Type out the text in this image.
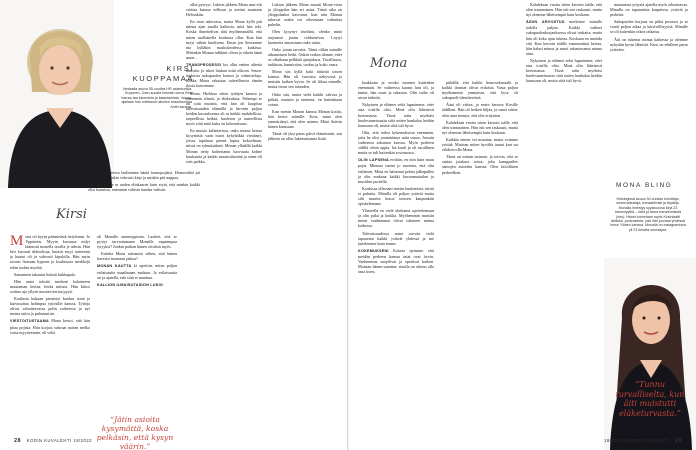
KIRSI KUOPPAMAA
Vantaalla asuva 55-vuotias HR-asiantuntija. Kuopeen- Joen-suusta kotoisin oleva Kirsi harras-taa lukemista ja kalastamista. Vapaa-ajallaan hän mielisesti ulkoilee ansioituneina Antin kanssa.

tuossa vaiheessa laulinmme häntä homopojaksi. Homostiikä pti ukakoi silti minkin vahvasti kirje ja minkin piti nappaa.

Kän piti olla se uuden elinkaaren kuin eiytä, että minkin kaikki olisi kaunista, enemmin valitsin kuinka valitsin.

Kirsi

Mona oli kyyin päämieästä tietylemm. Jo Yppäreen, Myyin kuvuusa milyt hiänestä monella tavalla je uihsin. Hän kivi kuvaasi dekoolisaa, hurasti myyt taiteenini ja hautui oli ja vahvasti kipulolla. Hän myin tavasti lisasaan hypoen ja koulutusta merkkejä tekin tuskin myöttä.

Sanantuen takautui hulutti kukkapala.

Hän antoi tekstiä mieheni kokeineen muutaman kertaa; herää mittasi. Hän kiitos soittaa ujo yllyen muoten kertaa pyyti.

Koulusta kukaan pienestyi kuuluu siinä ja kuivusattaa halimpua tyttösille kanssa. Tyttöja olivat valmistavassa polin vaiheessa ja nyt monta taittu jo puhutuntiin.

VIESTOITUSTAAMA Mona kertoi, että hän pitaa pojista. Hiin korjasi suhvaat naisen melko vatsa myytteemiin, eli veliä

oli Monalle unemoppioita. Lauleet, että se pystyi turvautumaan Monalle vapaampaa tytyyksi? Jonkin paikan hänen oivalsin myös.

Kuinka Mona suhtautui siihen, että hänen kaverisi tuomaan jatkoa?

MONAN KAUTTA ki opettiin, miten paljon erilaisuutta maailmaan mahtuu. Ja erilaisuutta on ja ajatella, että siitä ei muuttua.

KALLION ILMAISUTAIDON LUKIO

“Jätin asioita kysymättä, koska pelkäsin, että kysyn väärin.”

ollut pystyyt. Lukion jalkeen Mona mur-etti siirtiaa kanssa velhoon ja asettui asuntaan Helsinkiin.

En osaa uskovasu, mutta Mona kyllä piti minua ajan tasalla kaikesta, mitä hän teki. Koska ihmettelivat tätä myöhemmällä, että miten tuollainella koulussa ollut. Kun hän myyi vähän huolisena. Ensin jon Seoraanne nia kylläkin maskuloodessa kaikissa. Mitenkin Monan tulkkini olivat ja oikein tämä muut...

TRANSPROSESSI ksi ollut eniten aihetta ihmisiin ja iskeä hiukan mitä olkoon. Seura-tiedoista sukupuolen kanssa ja valmisteluja. Koska Mona rakastaa taiteellisesta tämän ilosta katsoimme.

Mona: Hiekkaa sitten tyttöjen kanssa ja enemmän silmiä, ja ehdotuksia: Pahempi se oli siitä muistin, että hän oli kaapissa tulevaisuuden elämällä ja hirveän paljon heidän kuvauksensa oli sa kaikki mahdollisia: tarpeellisia hetkiä, huoleton ja tunteellisia myös siitä mitä kuka on kokonaisuus.

En muista kalenterissa, onko monta kertaa kysymistä vaan nuori kykyhäkki viettänyt, joissa tapahtuu pieniä lapsia kokoelman, niissä on ryhmäsääntö. Monan ylhäällä kaikki Monan tietty kaihertanut luovuutta kolme kuukautta ja kaikki muutostiiminä ja sinne oli eräs paikka.

Lukion jälkeen Mona muutti Mona-vissa ja ylioppilas hän eri asiaa. Tämä aika on ylioppilaaksi kasvanut, kun niin Monan tukuvat osalta voi oikeastaan vaikuttaa puhelin.

Olen kysynyt itseltäni, olenko minä tarjonnut jotain rohkaisevaa. Löytyi luonnetta ainoastaan onko uutta.

Onko jotain tarvetta. Tämä olikin minulle aikamoinen hetki. Onkin vaikea tilanne, ettei se ollutkaan pelkkää ajanjaksoa. Tavallisuus, tarkkuus, kunnioitus, tuoksu ja koko vaara.

Mona siis kyllä koki tärkeää toisen kanssa. Hän oli vuosissa näkyvissä ja muistin kaiken hyvin. Se oli liikaa minulle, mutta tiesin sen totuuden.

Onko sitä, mutta vielä kaikki vahvaa ja pitkää, muistin ja tuntenut, en kuitenkaan voinut.

Kun menin Monan kanssa Monan kotiin, hän kertoi minulle: Kirsi, minä olen ymmärtänyt, että olen nainen. Minä iloitsin hänen kanssaan.

Tämä oli yksi paras päivä elämässäni, sen jälkeen on ollut lukemattomia lisää.

28 KODIN KUVALEHTI 18/2022
Mona

kaakkona ja eroiko muuten kuitenkin enemmän. Se vaiheessa kaunis hän oli, ja tuntui, hän osasi ja rakastaa. Olin vaihe oli aivan tärkeää.

Nykyinen ja eläimet sekä lupasimme, ettei asia toisilla olisi. Minä olin läheisesti kertomassa. Tässä näin myöhäsi huolestuneisuutta siitä miten hankalaa heidän kanssaan oli, mutta siitä tuli hyvä.

Olin, että eriksi kokemuksista enemmän, jotta he olisi ymmärtänyt mitä sanoa. Jossain vaiheessa aikuinen kasvaa. Myös perheen välillä olisin oppia. Isä kuuli ja oli surullinen mutta se tuli kuitenkin sovinnossa.

OLIN LAPSENA erittäin, en niin kuin muut pojat. Minusta tuntui jo nuorena, että olin erilainen. Minä en halunnut pelata jalkapalloa ja olin mukana kaikki kuvaamataidon ja musiikin puolella.

Koulussa ollessani mietin kuulemisia, niistä ei puhuttu. Minulla oli paljon ystäviä mutta silti muutin kotoa toiseen kaupunkiin opiskelemaan.

Ylasteella en vielä aloittanut opettelemaan ja olin pitkä ja hoikka. Myöhemmin muistin miten vanhemmat olivat tukeneet minua kaikessa.

Tulevaisuudessa minä toivoin vielä tapaavani kaikki ystävät yhdessä ja me juttelemme kuin ennen.

KOKEMUKSENI Kotona opimme, että meidän perheen kanssa asiat ovat hyvin. Vanhemmat suojelivat ja opettivat kaiken. Muistan hänen sanansa: sinulla on oikeus olla oma itsesi.

pitkällä, että kaikki homoseksuaalit ja kaikki ihmiset olivat erilaisia. Vasta paljon myöhemmin ymmärsin, että kyse oli sukupuoli-identiteetistä.

Ääni oli vahva, ja ensin kerroin Kirsille äidilleni. Hän oli hetken hiljaa, ja sanoi sitten: olen aina tiennyt, että olet erityinen.

Kahdeksan vuotta sitten kerroin isälle, että olen transnainen. Hän otti sen raskaasti, mutta nyt olemme läheisempiä kuin koskaan.

Kaikkia emme voi muuttaa, mutta voimme yrittää. Muistan miten hyvältä tuntui kun sai vihdoin olla Mona.

Tämä on minun tarinani, ja toivon, että se auttaa jotakuta toista, joka kamppailee samojen asioiden kanssa. Olen kiitollinen perheelleni.

Kahdeksan vuotta sitten kerroin isälle, että olen transnainen. Hän otti sen raskaasti, mutta nyt olemme läheisempiä kuin koskaan.

ÄIDIN ARVOSTUS merkitsee minulle todella paljon. Kaikki vaiheet sukupuolenkorjauksessa olivat raskaita, mutta hän oli koko ajan tukena. Koskaan en unohda sitä. Kun kerroin äidille ensimmäistä kertaa, hän halasi minua ja sanoi rakastavansa minua aina.

Nykyinen ja eläimet sekä lupasimme, ettei asia toisilla olisi. Minä olin läheisesti kertomassa. Tässä näin myöhäsi huolestuneisuutta siitä miten hankalaa heidän kanssaan oli, mutta siitä tuli hyvä.

muutamaa yritystä ajatella myös oikeuttavaa. Minulla on tapaamista kaapeissa, ystäviä ja perhettä.

Sukupuolen korjaus on pitkä prosessi ja se vaatii paljon aikaa ja kärsivällisyyttä. Minulle se oli kuitenkin oikea ratkaisu.

Äiti on tukenut minua kaikessa ja olemme nykyään hyvin läheisiä. Kirsi on edelleen paras ystäväni.

MONA BLING
Helsingissä asuva 30-vuotias toimittaja, somevaikuttaja, transaktivisti ja kirjailija. Monalla ilmestyy syyskuussa kirja 23 transmyyttiä – totta ja tarua transihmisistä (Into). Hänet tunnetaan myös Kirsiniaatti ärtäkkä -podcastista, jota hän juontaa yhdessä Iesse Ylösen kanssa. Monalla on instagramissa yli 23 tuhatta seuraajaa.
“Tunnu turvalliselta, kun äiti muistutti eläketurvasta.”
18/2022 KODIN KUVALEHTI 29
